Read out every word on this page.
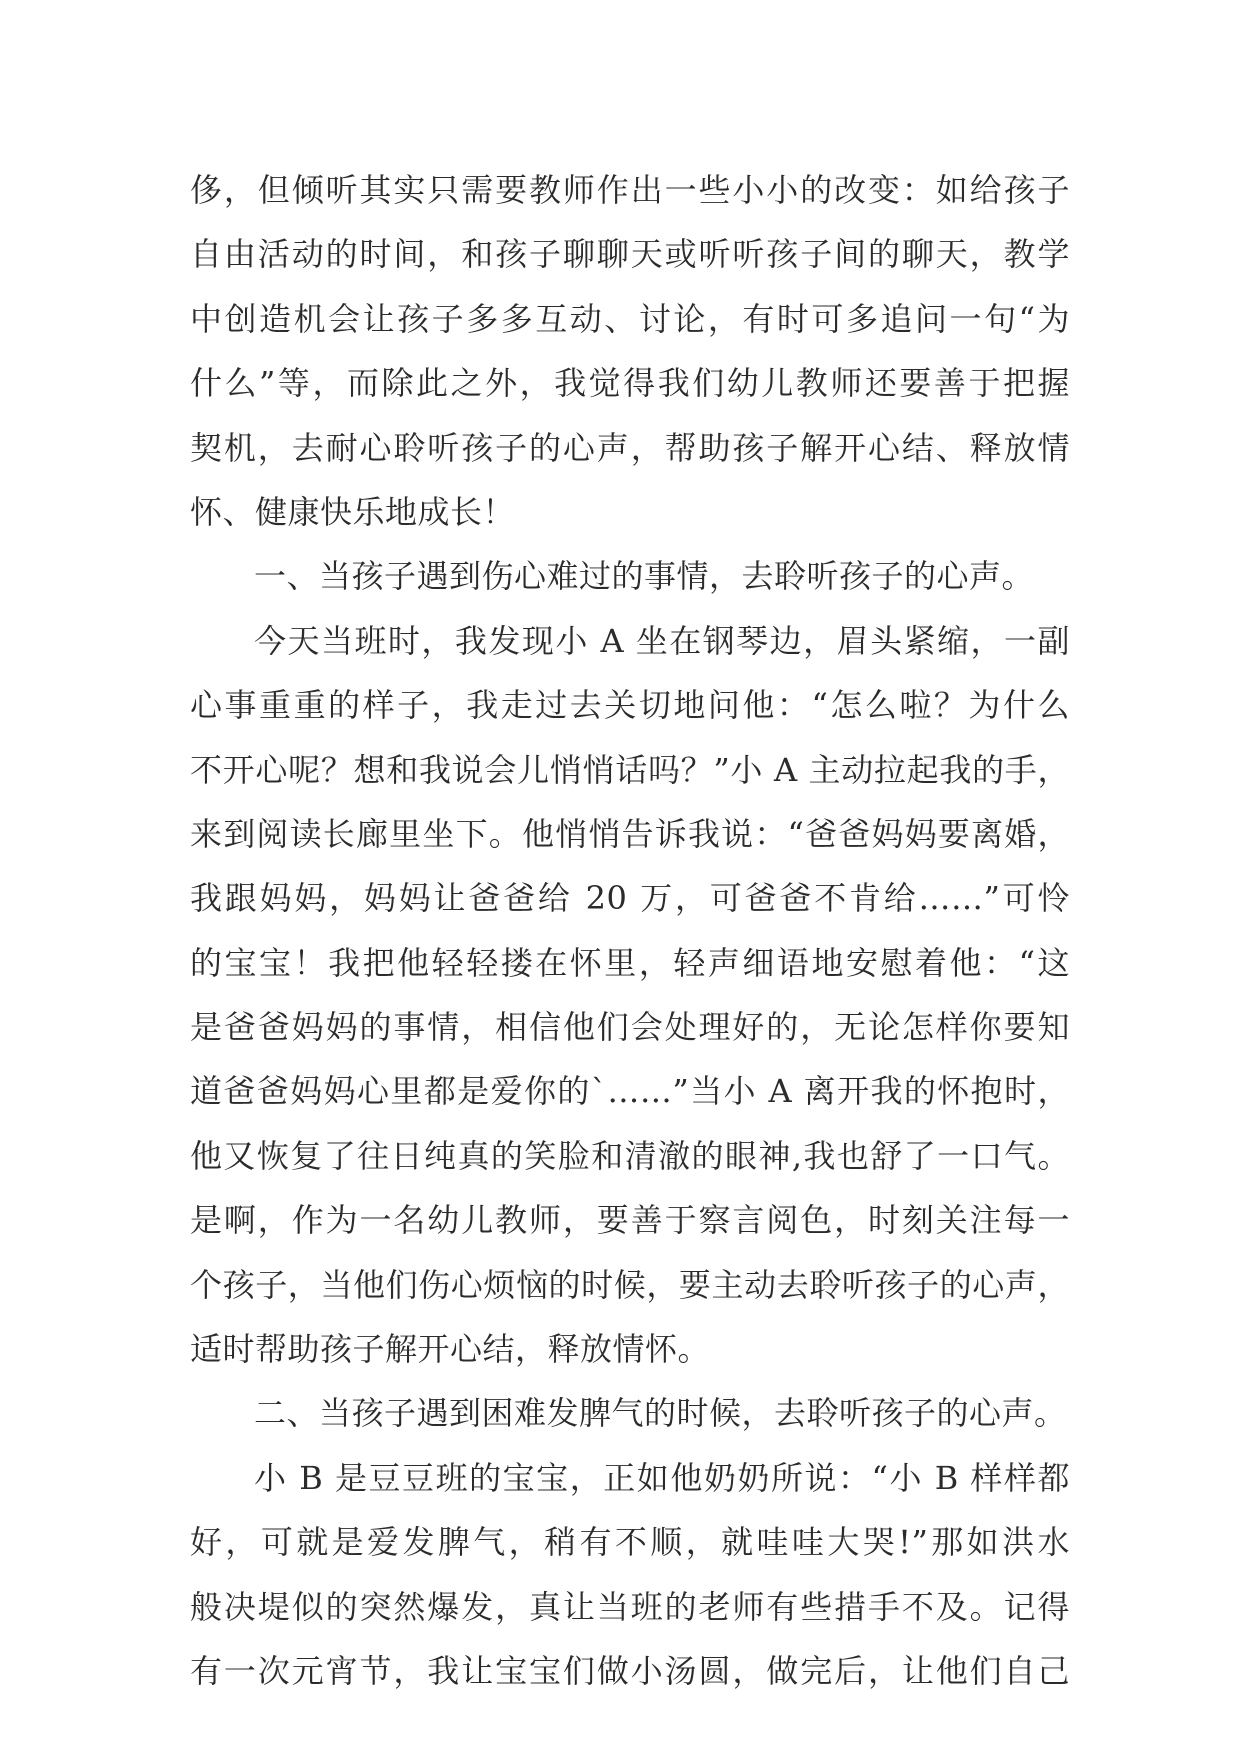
侈，但倾听其实只需要教师作出一些小小的改变：如给孩子
自由活动的时间，和孩子聊聊天或听听孩子间的聊天，教学
中创造机会让孩子多多互动、讨论，有时可多追问一句“为
什么”等，而除此之外，我觉得我们幼儿教师还要善于把握
契机，去耐心聆听孩子的心声，帮助孩子解开心结、释放情
怀、健康快乐地成长！
一、当孩子遇到伤心难过的事情，去聆听孩子的心声。
今天当班时，我发现小 A 坐在钢琴边，眉头紧缩，一副
心事重重的样子，我走过去关切地问他：“怎么啦？为什么
不开心呢？想和我说会儿悄悄话吗？”小 A 主动拉起我的手，
来到阅读长廊里坐下。他悄悄告诉我说：“爸爸妈妈要离婚，
我跟妈妈，妈妈让爸爸给 20 万，可爸爸不肯给……”可怜
的宝宝！我把他轻轻搂在怀里，轻声细语地安慰着他：“这
是爸爸妈妈的事情，相信他们会处理好的，无论怎样你要知
道爸爸妈妈心里都是爱你的`……”当小 A 离开我的怀抱时，
他又恢复了往日纯真的笑脸和清澈的眼神,我也舒了一口气。
是啊，作为一名幼儿教师，要善于察言阅色，时刻关注每一
个孩子，当他们伤心烦恼的时候，要主动去聆听孩子的心声，
适时帮助孩子解开心结，释放情怀。
二、当孩子遇到困难发脾气的时候，去聆听孩子的心声。
小 B 是豆豆班的宝宝，正如他奶奶所说：“小 B 样样都
好，可就是爱发脾气，稍有不顺，就哇哇大哭!”那如洪水
般决堤似的突然爆发，真让当班的老师有些措手不及。记得
有一次元宵节，我让宝宝们做小汤圆，做完后，让他们自己
